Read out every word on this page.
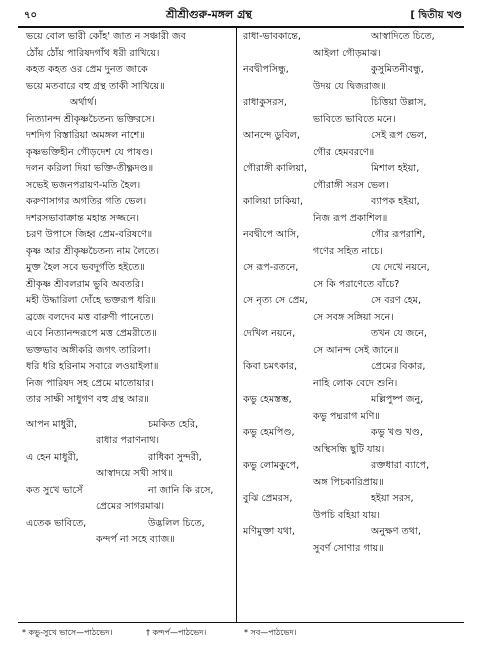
৭০	শ্রীশ্রীগুরু-মঙ্গল গ্রন্থ	[ দ্বিতীয় খণ্ড
ভয়ে বোল ভারী কোঁহ' জাত ন সঞ্চারী জব
ঠোঁয় ঠোঁয় পারিষদগাঁথ ধরী রাখিয়ে।
কহত কহত ওর প্রেম দুনত জাকে
ভয়ে মতবারে বহু গ্রন্থ তাকী সাখিয়ে॥
অর্থার্থ।
নিত্যানন্দ শ্রীকৃষ্ণচৈতন্য ভক্তিরসে।
দশদিগ বিস্তারিয়া অমঙ্গল নাশে॥
কৃষ্ণভক্তিহীন গৌড়দেশ যে পাষণ্ড।
দলন করিলা দিয়া ভক্তি-তীক্ষ্ণদণ্ড॥
সভেই ভজনপরায়ণ-মতি হৈল।
করুণাসাগর অগতির গতি ভেল।
দশরসভাবাক্রান্ত মহান্ত সজ্জনে।
চরণ উপাসে জিহ্ব প্রেম-বরিষণে॥
কৃষ্ণ আর শ্রীকৃষ্ণচৈতন্য নাম লৈতে।
মুক্ত হৈল সবে ভবদুর্গতি হইতে॥
শ্রীকৃষ্ণ শ্রীবলরাম ভুবি অবতরি।
মহী উদ্ধারিলা দোঁহে ভক্তরূপ ধরি॥
ব্রজে বলদেব মত্ত বারুণী পানেতে।
এবে নিত্যানন্দরূপে মত্ত প্রেমরীতে॥
ভক্তভাব অঙ্গীকরি জগৎ তারিলা।
ধরি ধরি হরিনাম সবারে লওয়াইলা॥
নিজ পারিষদ সহ প্রেমে মাতোয়ার।
তার সাক্ষী সাধুগণ বহু গ্রন্থ আর॥
আপন মাধুরী,	চমকিত হেরি,
রাধার পরাণনাথ।
এ হেন মাধুরী,	রাধিকা সুন্দরী,
আস্বাদয়ে সখী সাথ॥
কত সুখে ভাসেঁ	না জানি কি রসে,
প্রেমের সাগরমাঝ।
এতেক ভাবিতে,	উদ্ভলিল চিতে,
কন্দর্প না সহে ব্যাজ॥
রাধা-ভাবকান্তে,	আস্বাদিতে চিতে,
আইলা গৌড়মাঝ।
নবদ্বীপসিন্ধু,	কুসুমিতনীবন্ধু,
উদয় যে দ্বিজরাজ॥
রাধাকুসরস,	চিত্তিয়া উল্লাস,
ভাবিতে ভাবিতে মনে।
আনন্দে ডুবিল,	সেই রূপ ভেল,
গৌর হেমবরণে॥
গৌরাঙ্গী কালিয়া,	মিশাল হইয়া,
গৌরাঙ্গী সরস ভেল।
কালিয়া ঢাকিয়া,	ব্যাপক হইয়া,
নিজ রূপ প্রকাশিল॥
নবদ্বীপে আসি,	গৌর রূপরাশি,
গণের সহিত নাচে।
সে রূপ-রতনে,	যে দেখে নয়নে,
সে কি পরাণেতে বাঁচে?
সে নৃত্য সে প্রেম,	সে বরণ হেম,
সে সবঙ্গ সঙ্গিয়া সনে।
দেখিল নয়নে,	তখন যে জনে,
সে আনন্দ সেই জানে॥
কিবা চমৎকার,	প্রেমের বিকার,
নাহি লোক বেদে শুনি।
কভু হেমস্তম্ভ,	মল্লিপুষ্প জনু,
কভু পদ্মরাগ মণি॥
কভু হেমপিণ্ড,	কভু খণ্ড খণ্ড,
অস্থিসন্ধি ছুটি যায়।
কভু লোমকুপে,	রক্তধারা ব্যাপে,
অঙ্গ পিচকারিপ্রায়॥
বুঝি প্রেমরস,	হইয়া সরস,
উপচি বহিয়া যায়।
মণিমুক্তা যথা,	অনুক্ষণ তথা,
সুবর্ণ সোণার গায়॥
* কভু-সুখে ভাসে—পাঠভেদ।	† কন্দর্প—পাঠভেদ।	* সব—পাঠভেদ।
